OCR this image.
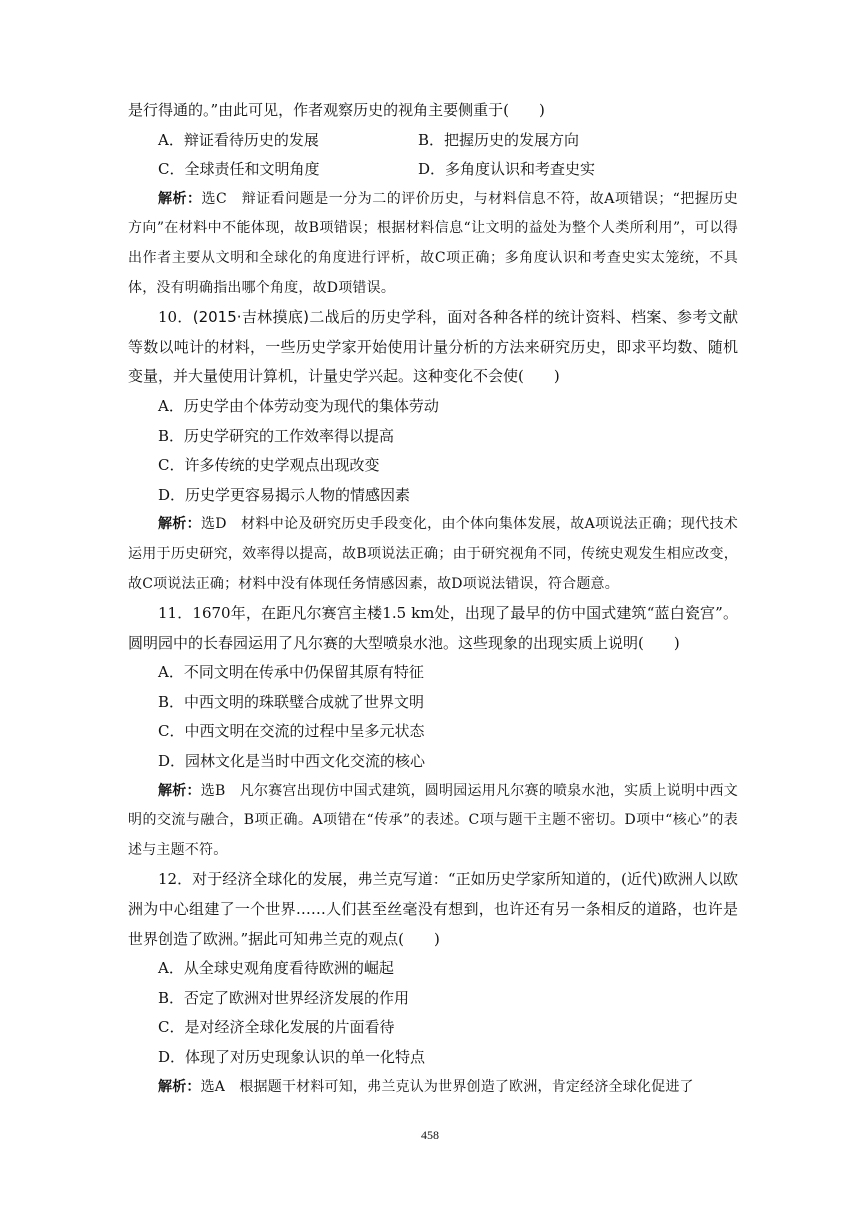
是行得通的。”由此可见，作者观察历史的视角主要侧重于(　　)
A．辩证看待历史的发展	B．把握历史的发展方向
C．全球责任和文明角度	D．多角度认识和考查史实
解析：选C　辩证看问题是一分为二的评价历史，与材料信息不符，故A项错误；“把握历史方向”在材料中不能体现，故B项错误；根据材料信息“让文明的益处为整个人类所利用”，可以得出作者主要从文明和全球化的角度进行评析，故C项正确；多角度认识和考查史实太笼统，不具体，没有明确指出哪个角度，故D项错误。
10．(2015·吉林摸底)二战后的历史学科，面对各种各样的统计资料、档案、参考文献等数以吨计的材料，一些历史学家开始使用计量分析的方法来研究历史，即求平均数、随机变量，并大量使用计算机，计量史学兴起。这种变化不会使(　　)
A．历史学由个体劳动变为现代的集体劳动
B．历史学研究的工作效率得以提高
C．许多传统的史学观点出现改变
D．历史学更容易揭示人物的情感因素
解析：选D　材料中论及研究历史手段变化，由个体向集体发展，故A项说法正确；现代技术运用于历史研究，效率得以提高，故B项说法正确；由于研究视角不同，传统史观发生相应改变，故C项说法正确；材料中没有体现任务情感因素，故D项说法错误，符合题意。
11．1670年，在距凡尔赛宫主楼1.5 km处，出现了最早的仿中国式建筑“蓝白瓷宫”。圆明园中的长春园运用了凡尔赛的大型喷泉水池。这些现象的出现实质上说明(　　)
A．不同文明在传承中仍保留其原有特征
B．中西文明的珠联璧合成就了世界文明
C．中西文明在交流的过程中呈多元状态
D．园林文化是当时中西文化交流的核心
解析：选B　凡尔赛宫出现仿中国式建筑，圆明园运用凡尔赛的喷泉水池，实质上说明中西文明的交流与融合，B项正确。A项错在“传承”的表述。C项与题干主题不密切。D项中“核心”的表述与主题不符。
12．对于经济全球化的发展，弗兰克写道：“正如历史学家所知道的，(近代)欧洲人以欧洲为中心组建了一个世界……人们甚至丝毫没有想到，也许还有另一条相反的道路，也许是世界创造了欧洲。”据此可知弗兰克的观点(　　)
A．从全球史观角度看待欧洲的崛起
B．否定了欧洲对世界经济发展的作用
C．是对经济全球化发展的片面看待
D．体现了对历史现象认识的单一化特点
解析：选A　根据题干材料可知，弗兰克认为世界创造了欧洲，肯定经济全球化促进了
458
